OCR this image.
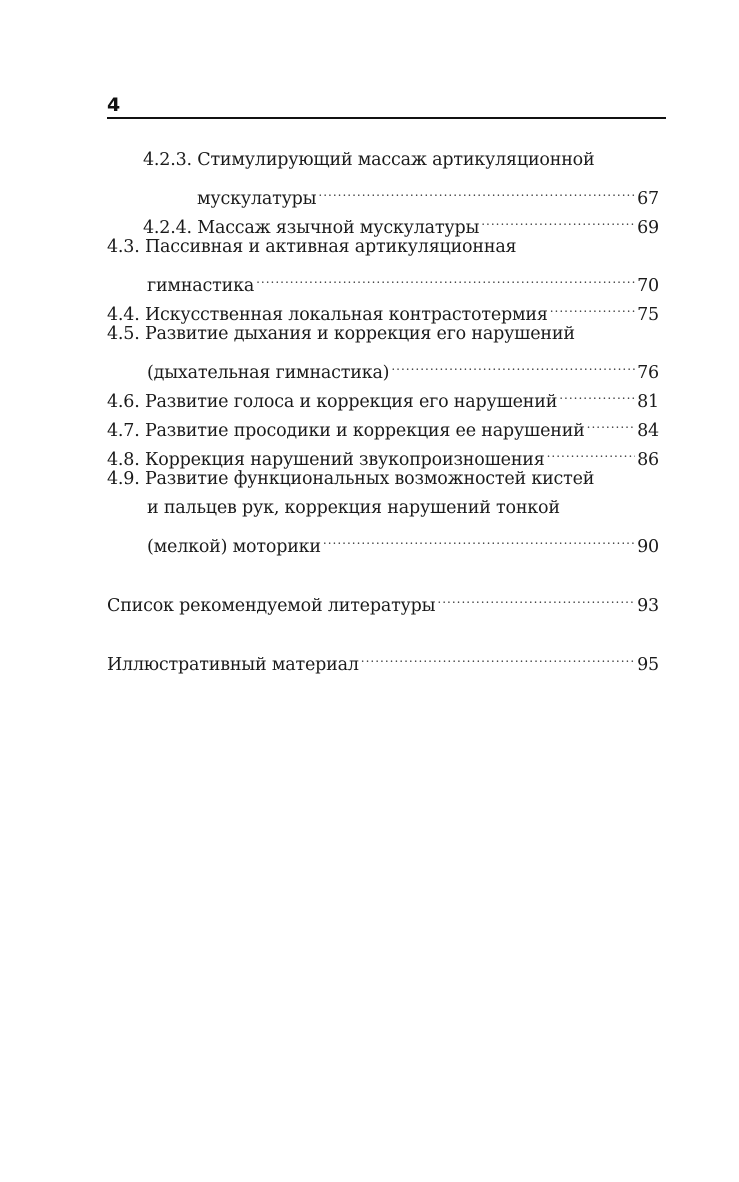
4
4.2.3. Стимулирующий массаж артикуляционной
мускулатуры .....	67
4.2.4. Массаж язычной мускулатуры .....	69
4.3. Пассивная и активная артикуляционная
гимнастика .....	70
4.4. Искусственная локальная контрастотермия .....	75
4.5. Развитие дыхания и коррекция его нарушений
(дыхательная гимнастика) .....	76
4.6. Развитие голоса и коррекция его нарушений .....	81
4.7. Развитие просодики и коррекция ее нарушений .....	84
4.8. Коррекция нарушений звукопроизношения .....	86
4.9. Развитие функциональных возможностей кистей
и пальцев рук, коррекция нарушений тонкой
(мелкой) моторики .....	90
Список рекомендуемой литературы .....	93
Иллюстративный материал .....	95
